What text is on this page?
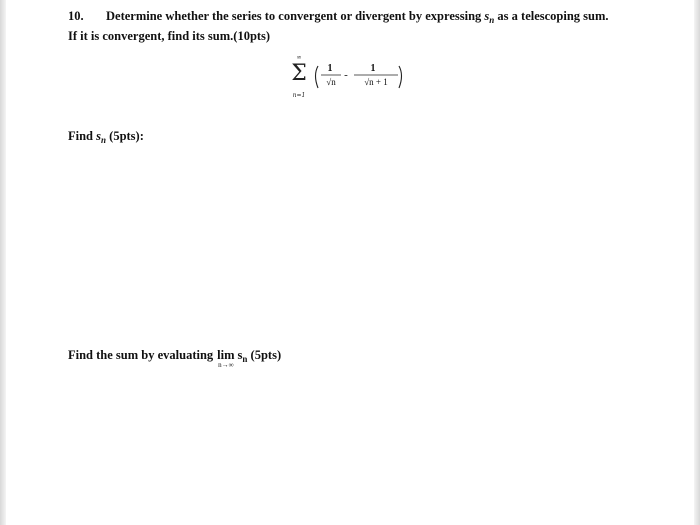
10. Determine whether the series to convergent or divergent by expressing $s_n$ as a telescoping sum.
If it is convergent, find its sum.(10pts)
∞
Σ
n=1
1
√n
-
1
√n + 1
Find $s_n$ (5pts):
Find the sum by evaluating lim
n→∞
$s_n$ (5pts)
